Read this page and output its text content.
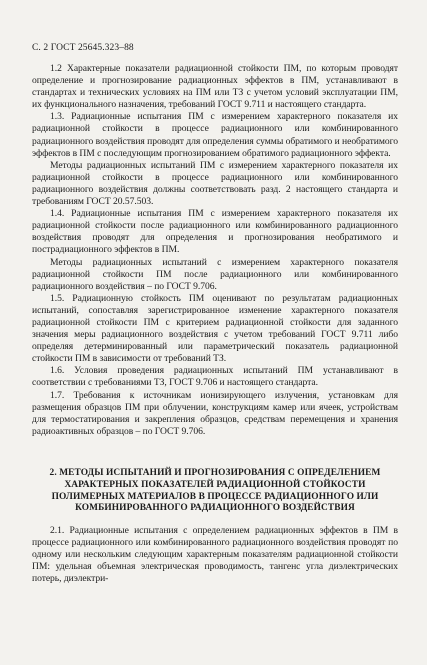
С. 2 ГОСТ 25645.323–88

1.2 Характерные показатели радиационной стойкости ПМ, по которым проводят определение и прогнозирование радиационных эффектов в ПМ, устанавливают в стандартах и технических условиях на ПМ или ТЗ с учетом условий эксплуатации ПМ, их функционального назначения, требований ГОСТ 9.711 и настоящего стандарта.

1.3. Радиационные испытания ПМ с измерением характерного показателя их радиационной стойкости в процессе радиационного или комбинированного радиационного воздействия проводят для определения суммы обратимого и необратимого эффектов в ПМ с последующим прогнозированием обратимого радиационного эффекта.

Методы радиационных испытаний ПМ с измерением характерного показателя их радиационной стойкости в процессе радиационного или комбинированного радиационного воздействия должны соответствовать разд. 2 настоящего стандарта и требованиям ГОСТ 20.57.503.

1.4. Радиационные испытания ПМ с измерением характерного показателя их радиационной стойкости после радиационного или комбинированного радиационного воздействия проводят для определения и прогнозирования необратимого и пострадиационного эффектов в ПМ.

Методы радиационных испытаний с измерением характерного показателя радиационной стойкости ПМ после радиационного или комбинированного радиационного воздействия – по ГОСТ 9.706.

1.5. Радиационную стойкость ПМ оценивают по результатам радиационных испытаний, сопоставляя зарегистрированное изменение характерного показателя радиационной стойкости ПМ с критерием радиационной стойкости для заданного значения меры радиационного воздействия с учетом требований ГОСТ 9.711 либо определяя детерминированный или параметрический показатель радиационной стойкости ПМ в зависимости от требований ТЗ.

1.6. Условия проведения радиационных испытаний ПМ устанавливают в соответствии с требованиями ТЗ, ГОСТ 9.706 и настоящего стандарта.

1.7. Требования к источникам ионизирующего излучения, установкам для размещения образцов ПМ при облучении, конструкциям камер или ячеек, устройствам для термостатирования и закрепления образцов, средствам перемещения и хранения радиоактивных образцов – по ГОСТ 9.706.

2. МЕТОДЫ ИСПЫТАНИЙ И ПРОГНОЗИРОВАНИЯ С ОПРЕДЕЛЕНИЕМ ХАРАКТЕРНЫХ ПОКАЗАТЕЛЕЙ РАДИАЦИОННОЙ СТОЙКОСТИ ПОЛИМЕРНЫХ МАТЕРИАЛОВ В ПРОЦЕССЕ РАДИАЦИОННОГО ИЛИ КОМБИНИРОВАННОГО РАДИАЦИОННОГО ВОЗДЕЙСТВИЯ

2.1. Радиационные испытания с определением радиационных эффектов в ПМ в процессе радиационного или комбинированного радиационного воздействия проводят по одному или нескольким следующим характерным показателям радиационной стойкости ПМ: удельная объемная электрическая проводимость, тангенс угла диэлектрических потерь, диэлектри-
